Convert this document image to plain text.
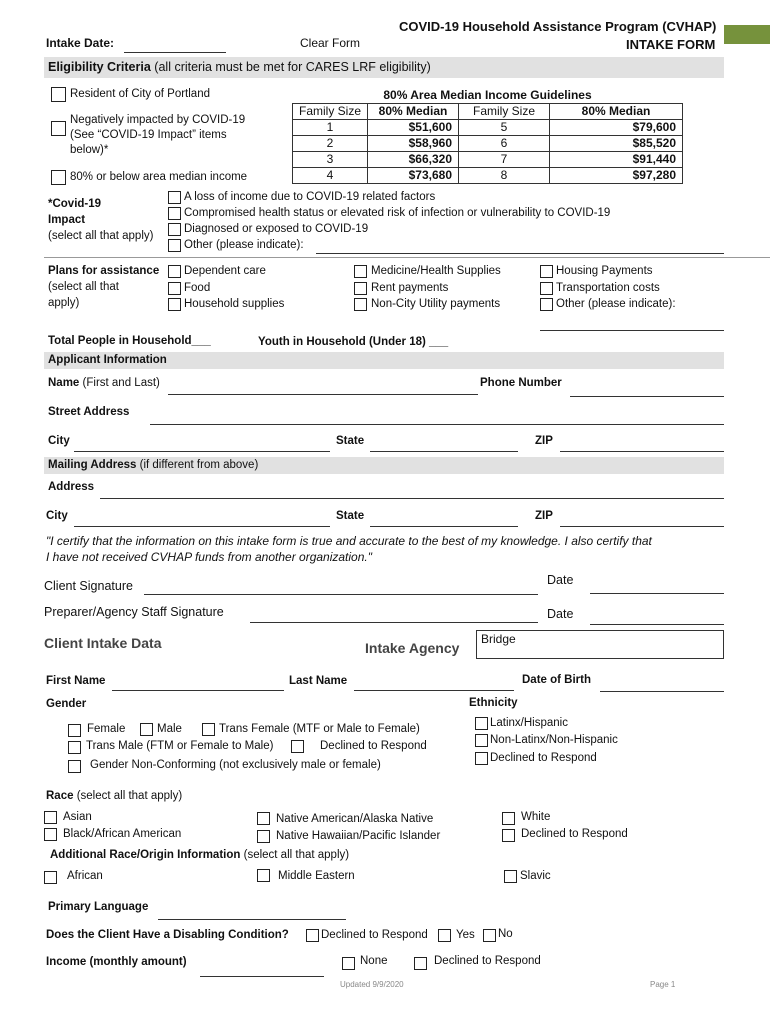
Intake Date:	Clear Form
COVID-19 Household Assistance Program (CVHAP)
INTAKE FORM
Eligibility Criteria (all criteria must be met for CARES LRF eligibility)
Resident of City of Portland
Negatively impacted by COVID-19
(See “COVID-19 Impact” items
below)*
80% or below area median income
80% Area Median Income Guidelines			
Family Size	80% Median	Family Size	80% Median
1	$51,600	5	$79,600
2	$58,960	6	$85,520
3	$66,320	7	$91,440
4	$73,680	8	$97,280
*Covid-19
Impact
(select all that apply)
A loss of income due to COVID-19 related factors
Compromised health status or elevated risk of infection or vulnerability to COVID-19
Diagnosed or exposed to COVID-19
Other (please indicate):
Plans for assistance
(select all that
apply)
Dependent care
Food
Household supplies
Medicine/Health Supplies
Rent payments
Non-City Utility payments
Housing Payments
Transportation costs
Other (please indicate):
Total People in Household___	Youth in Household (Under 18) ___
Applicant Information
Name (First and Last)	Phone Number
Street Address
City	State	ZIP
Mailing Address (if different from above)
Address
City	State	ZIP
"I certify that the information on this intake form is true and accurate to the best of my knowledge. I also certify that
I have not received CVHAP funds from another organization."
Client Signature	Date
Preparer/Agency Staff Signature	Date
Client Intake Data	Intake Agency
Bridge
First Name	Last Name	Date of Birth
Gender
Female	Male	Trans Female (MTF or Male to Female)
Trans Male (FTM or Female to Male)	Declined to Respond
Gender Non-Conforming (not exclusively male or female)
Ethnicity
Latinx/Hispanic
Non-Latinx/Non-Hispanic
Declined to Respond
Race (select all that apply)
Asian
Black/African American
Native American/Alaska Native
Native Hawaiian/Pacific Islander
White
Declined to Respond
Additional Race/Origin Information (select all that apply)
African	Middle Eastern	Slavic
Primary Language
Does the Client Have a Disabling Condition?	Declined to Respond Yes No
Income (monthly amount)	None	Declined to Respond
Updated 9/9/2020	Page 1
